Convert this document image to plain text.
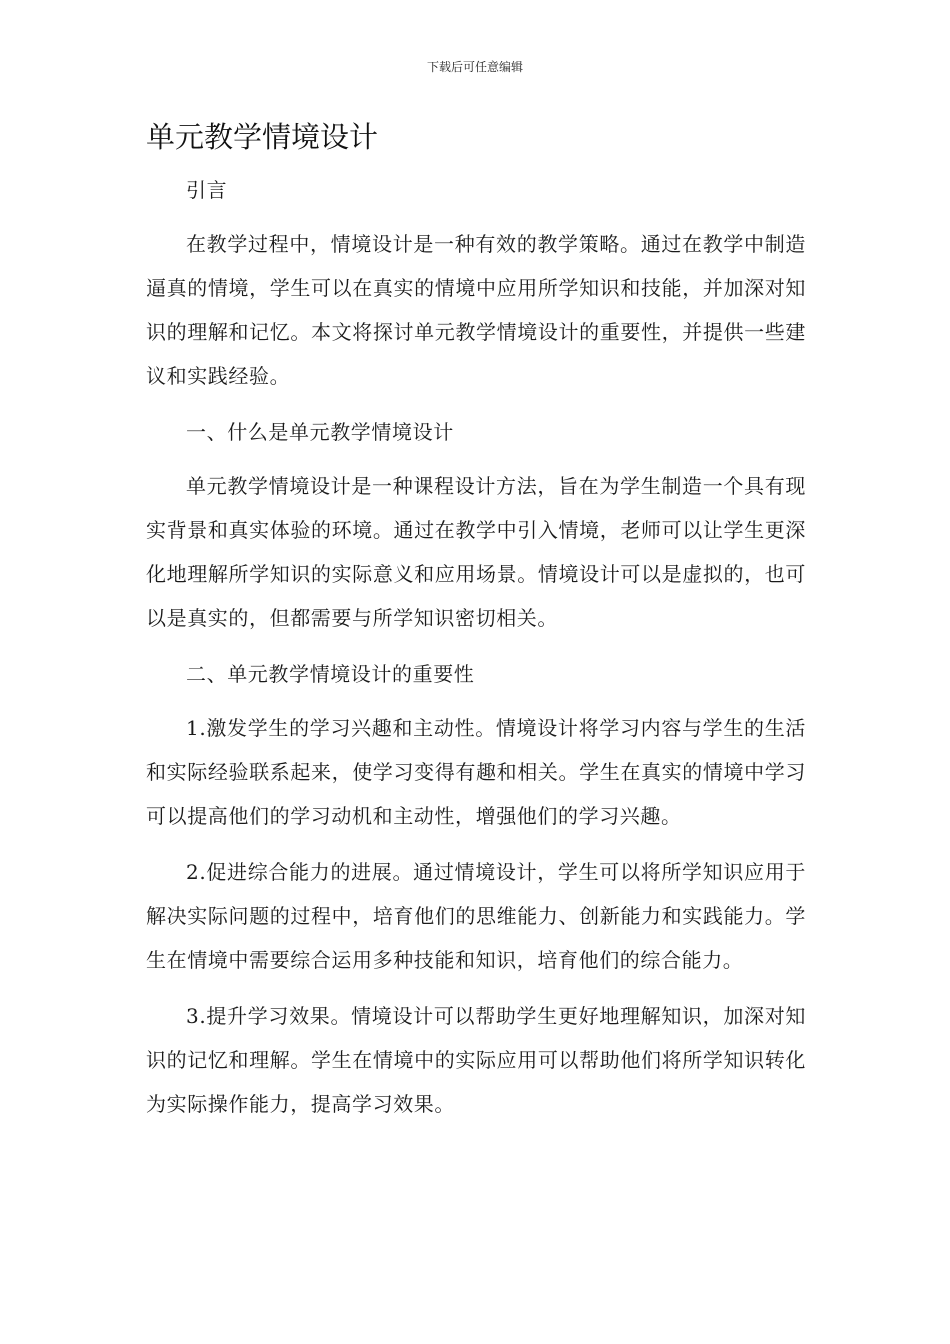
下载后可任意编辑
单元教学情境设计

引言

在教学过程中，情境设计是一种有效的教学策略。通过在教学中制造逼真的情境，学生可以在真实的情境中应用所学知识和技能，并加深对知识的理解和记忆。本文将探讨单元教学情境设计的重要性，并提供一些建议和实践经验。

一、什么是单元教学情境设计

单元教学情境设计是一种课程设计方法，旨在为学生制造一个具有现实背景和真实体验的环境。通过在教学中引入情境，老师可以让学生更深化地理解所学知识的实际意义和应用场景。情境设计可以是虚拟的，也可以是真实的，但都需要与所学知识密切相关。

二、单元教学情境设计的重要性

1.激发学生的学习兴趣和主动性。情境设计将学习内容与学生的生活和实际经验联系起来，使学习变得有趣和相关。学生在真实的情境中学习可以提高他们的学习动机和主动性，增强他们的学习兴趣。

2.促进综合能力的进展。通过情境设计，学生可以将所学知识应用于解决实际问题的过程中，培育他们的思维能力、创新能力和实践能力。学生在情境中需要综合运用多种技能和知识，培育他们的综合能力。

3.提升学习效果。情境设计可以帮助学生更好地理解知识，加深对知识的记忆和理解。学生在情境中的实际应用可以帮助他们将所学知识转化为实际操作能力，提高学习效果。
